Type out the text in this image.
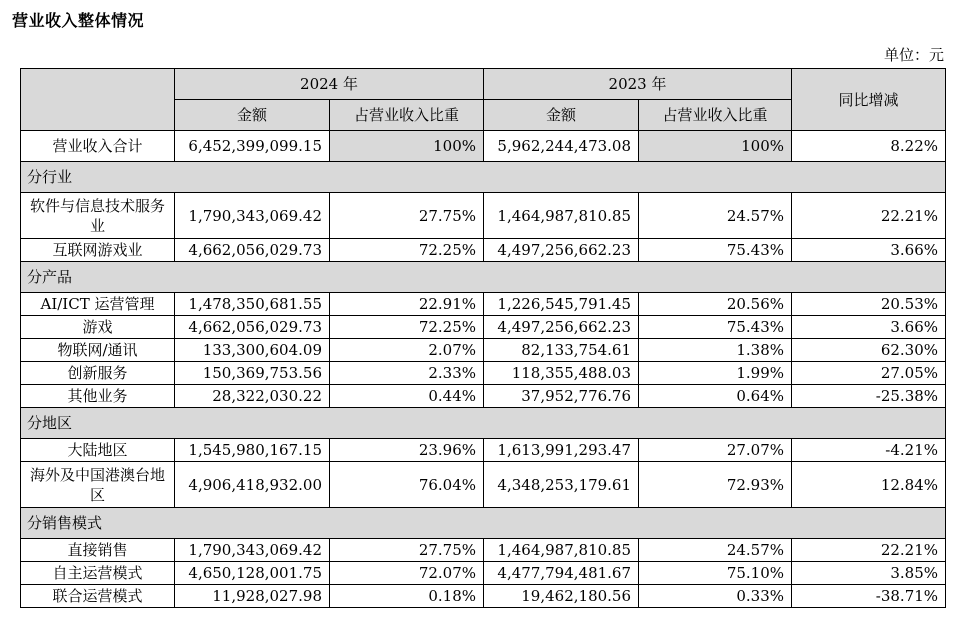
营业收入整体情况
单位：元
	2024 年		2023 年		同比增减
	金额	占营业收入比重	金额	占营业收入比重	
营业收入合计	6,452,399,099.15	100%	5,962,244,473.08	100%	8.22%
分行业					
软件与信息技术服务业	1,790,343,069.42	27.75%	1,464,987,810.85	24.57%	22.21%
互联网游戏业	4,662,056,029.73	72.25%	4,497,256,662.23	75.43%	3.66%
分产品					
AI/ICT 运营管理	1,478,350,681.55	22.91%	1,226,545,791.45	20.56%	20.53%
游戏	4,662,056,029.73	72.25%	4,497,256,662.23	75.43%	3.66%
物联网/通讯	133,300,604.09	2.07%	82,133,754.61	1.38%	62.30%
创新服务	150,369,753.56	2.33%	118,355,488.03	1.99%	27.05%
其他业务	28,322,030.22	0.44%	37,952,776.76	0.64%	-25.38%
分地区					
大陆地区	1,545,980,167.15	23.96%	1,613,991,293.47	27.07%	-4.21%
海外及中国港澳台地区	4,906,418,932.00	76.04%	4,348,253,179.61	72.93%	12.84%
分销售模式					
直接销售	1,790,343,069.42	27.75%	1,464,987,810.85	24.57%	22.21%
自主运营模式	4,650,128,001.75	72.07%	4,477,794,481.67	75.10%	3.85%
联合运营模式	11,928,027.98	0.18%	19,462,180.56	0.33%	-38.71%
